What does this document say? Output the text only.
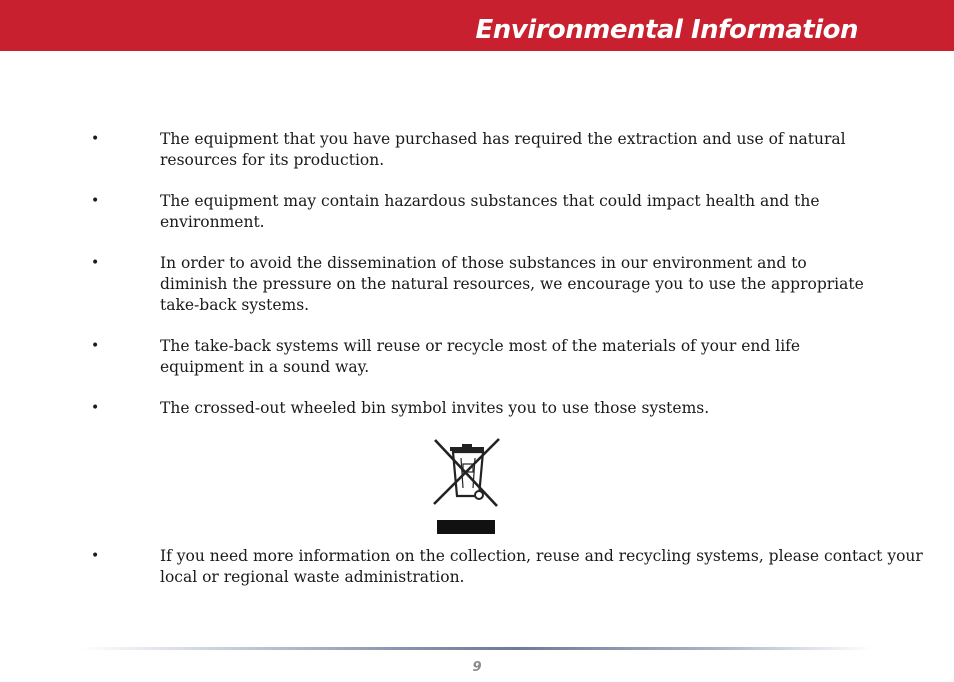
Environmental Information
•	The equipment that you have purchased has required the extraction and use of natural resources for its production.
•	The equipment may contain hazardous substances that could impact health and the environment.
•	In order to avoid the dissemination of those substances in our environment and to diminish the pressure on the natural resources, we encourage you to use the appropriate take-back systems.
•	The take-back systems will reuse or recycle most of the materials of your end life equipment in a sound way.
•	The crossed-out wheeled bin symbol invites you to use those systems.
•	If you need more information on the collection, reuse and recycling systems, please contact your local or regional waste administration.
9
